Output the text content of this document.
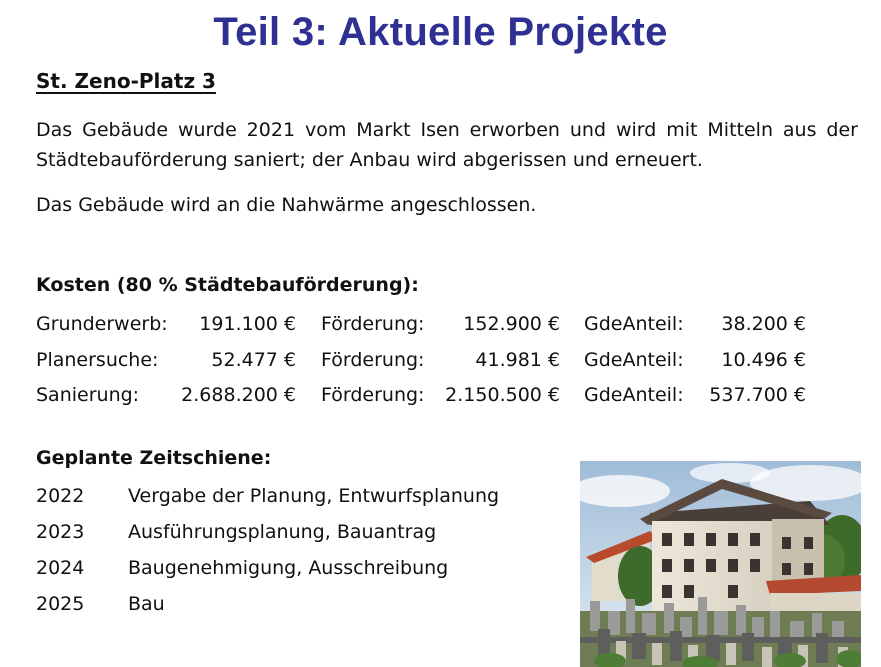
Teil 3: Aktuelle Projekte
St. Zeno-Platz 3
Das Gebäude wurde 2021 vom Markt Isen erworben und wird mit Mitteln aus der Städtebauförderung saniert; der Anbau wird abgerissen und erneuert.
Das Gebäude wird an die Nahwärme angeschlossen.
Kosten (80 % Städtebauförderung):
Grunderwerb:	191.100 € Förderung:	152.900 € GdeAnteil:	38.200 €
Planersuche:	52.477 € Förderung:	41.981 € GdeAnteil:	10.496 €
Sanierung:	2.688.200 € Förderung:	2.150.500 € GdeAnteil:	537.700 €
Geplante Zeitschiene:
2022 Vergabe der Planung, Entwurfsplanung
2023 Ausführungsplanung, Bauantrag
2024 Baugenehmigung, Ausschreibung
2025 Bau
